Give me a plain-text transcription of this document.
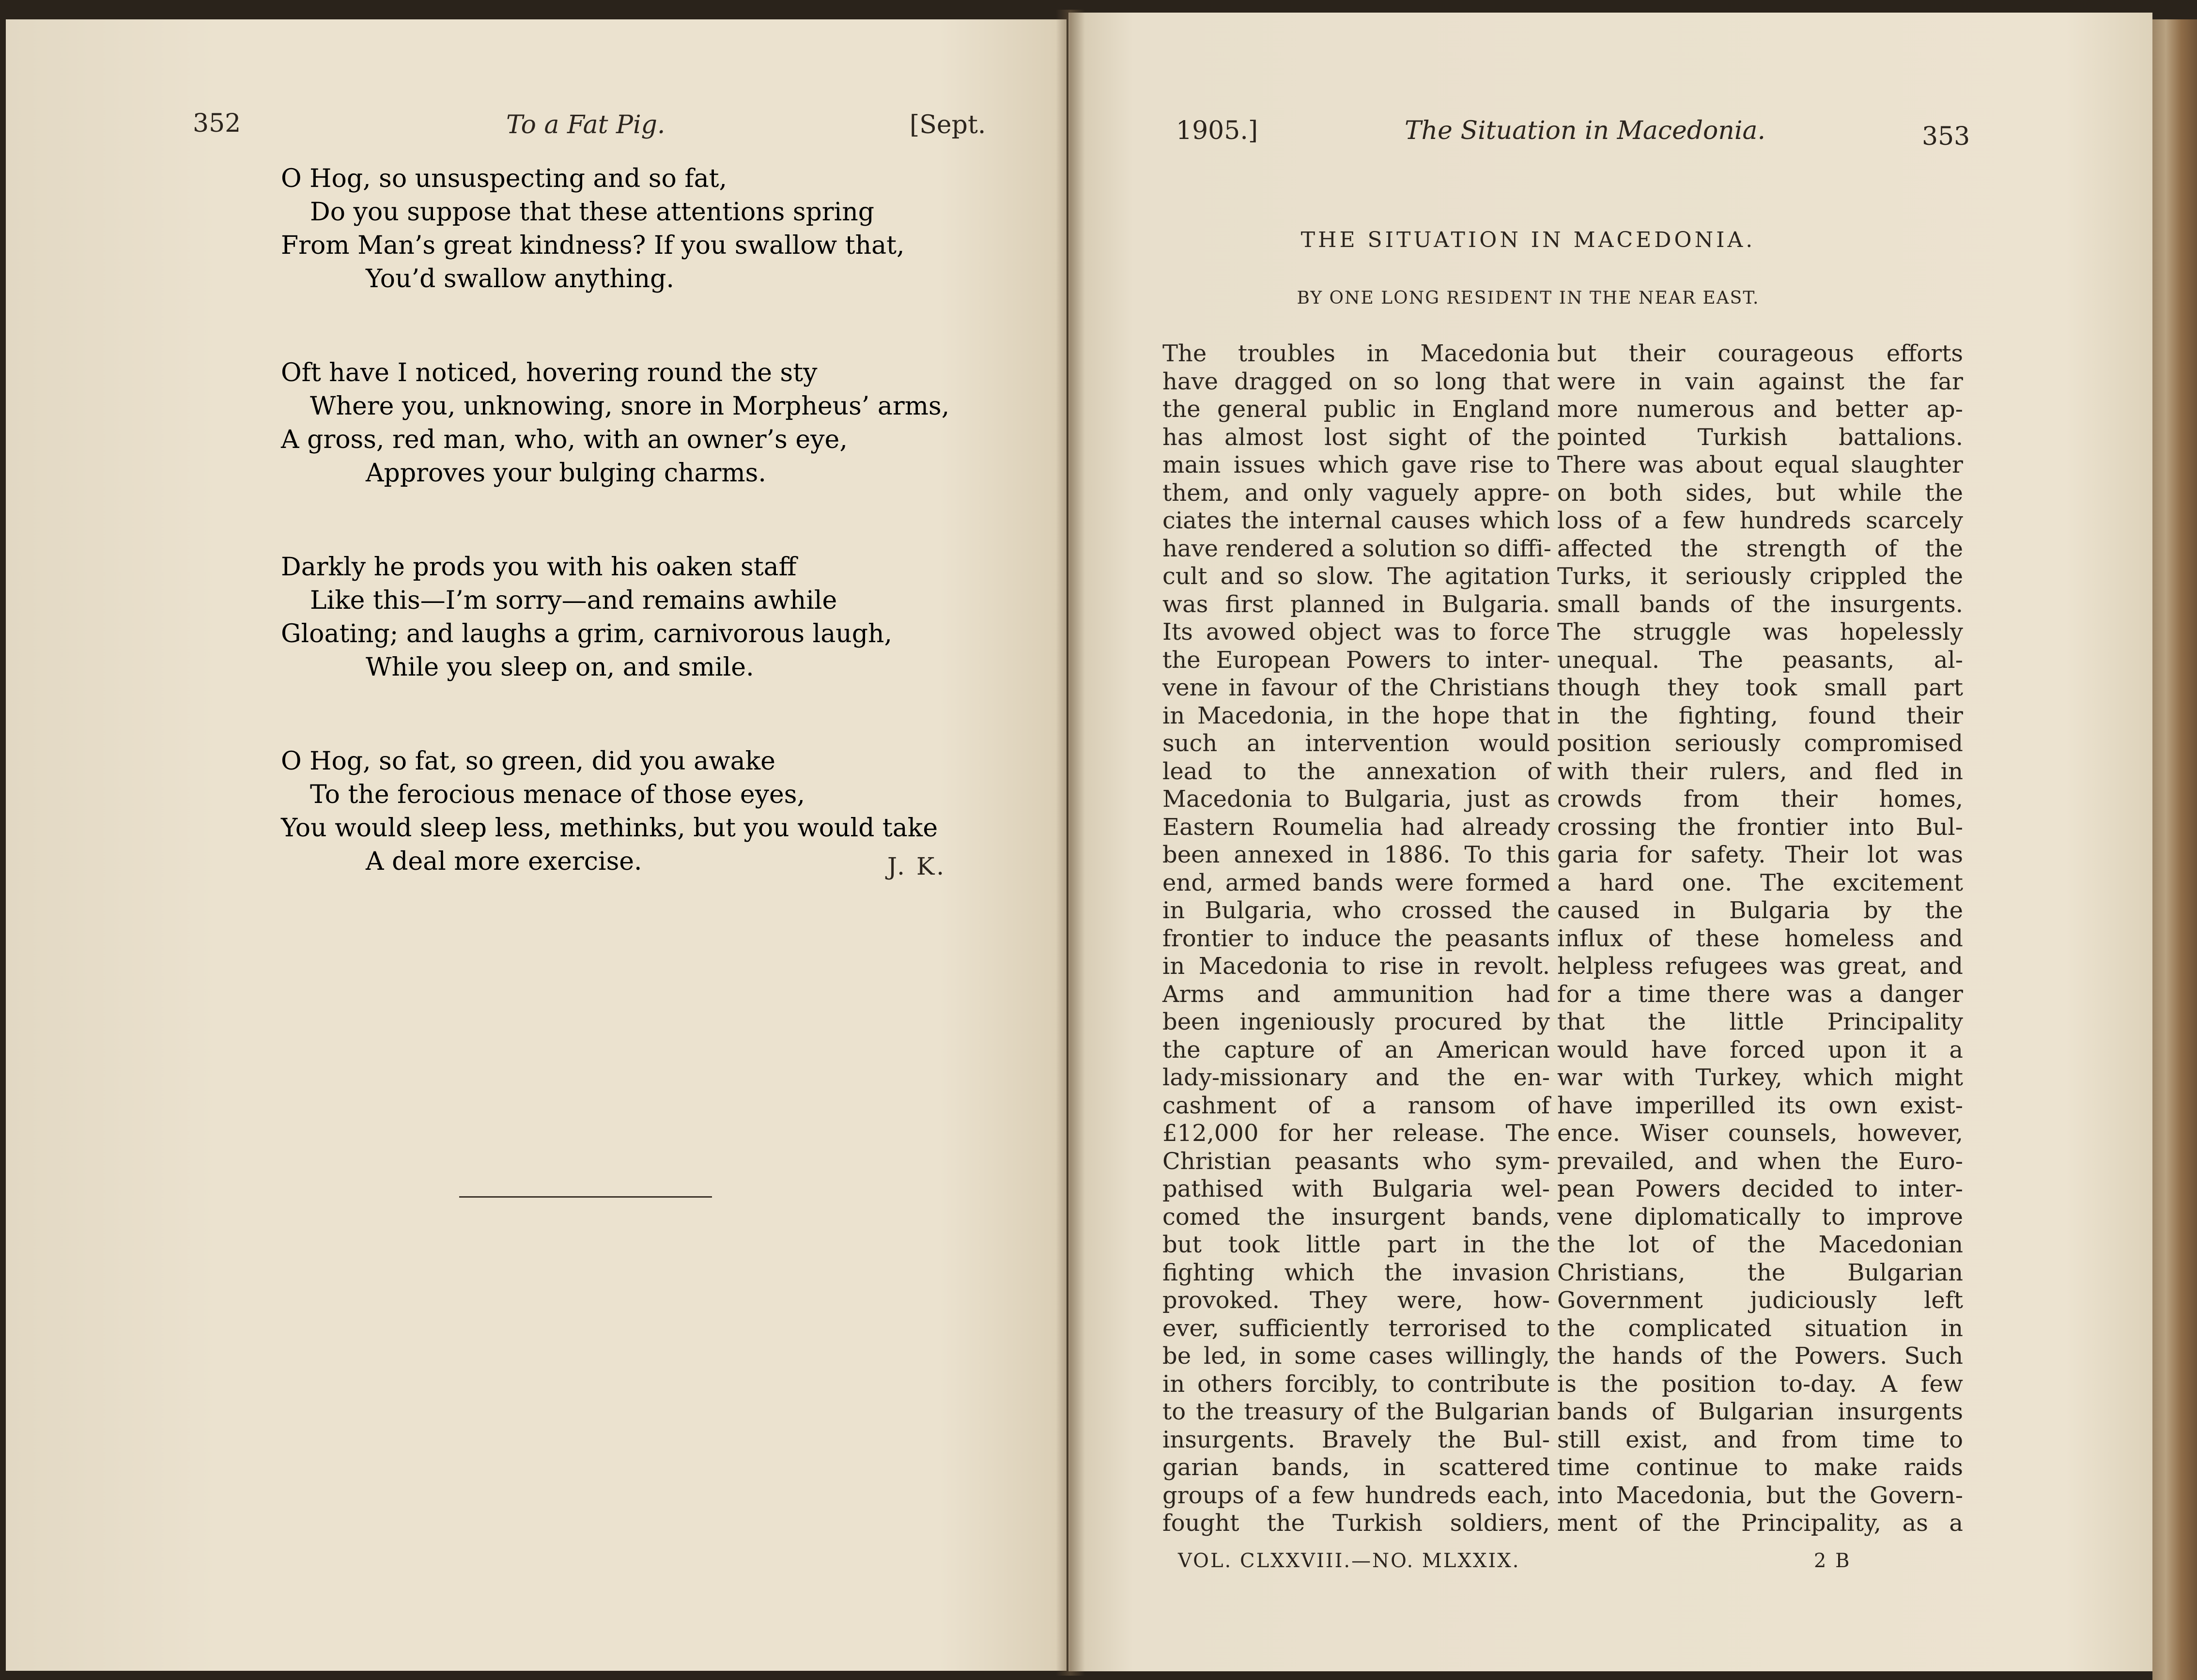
352	To a Fat Pig.	[Sept.
O Hog, so unsuspecting and so fat,
Do you suppose that these attentions spring
From Man’s great kindness? If you swallow that,
You’d swallow anything.
Oft have I noticed, hovering round the sty
Where you, unknowing, snore in Morpheus’ arms,
A gross, red man, who, with an owner’s eye,
Approves your bulging charms.
Darkly he prods you with his oaken staff
Like this—I’m sorry—and remains awhile
Gloating; and laughs a grim, carnivorous laugh,
While you sleep on, and smile.
O Hog, so fat, so green, did you awake
To the ferocious menace of those eyes,
You would sleep less, methinks, but you would take
A deal more exercise.	J. K.
1905.]	The Situation in Macedonia.	353
THE SITUATION IN MACEDONIA.
BY ONE LONG RESIDENT IN THE NEAR EAST.
The troubles in Macedonia
have dragged on so long that
the general public in England
has almost lost sight of the
main issues which gave rise to
them, and only vaguely appre-
ciates the internal causes which
have rendered a solution so diffi-
cult and so slow. The agitation
was first planned in Bulgaria.
Its avowed object was to force
the European Powers to inter-
vene in favour of the Christians
in Macedonia, in the hope that
such an intervention would
lead to the annexation of
Macedonia to Bulgaria, just as
Eastern Roumelia had already
been annexed in 1886. To this
end, armed bands were formed
in Bulgaria, who crossed the
frontier to induce the peasants
in Macedonia to rise in revolt.
Arms and ammunition had
been ingeniously procured by
the capture of an American
lady-missionary and the en-
cashment of a ransom of
£12,000 for her release. The
Christian peasants who sym-
pathised with Bulgaria wel-
comed the insurgent bands,
but took little part in the
fighting which the invasion
provoked. They were, how-
ever, sufficiently terrorised to
be led, in some cases willingly,
in others forcibly, to contribute
to the treasury of the Bulgarian
insurgents. Bravely the Bul-
garian bands, in scattered
groups of a few hundreds each,
fought the Turkish soldiers,
but their courageous efforts
were in vain against the far
more numerous and better ap-
pointed Turkish battalions.
There was about equal slaughter
on both sides, but while the
loss of a few hundreds scarcely
affected the strength of the
Turks, it seriously crippled the
small bands of the insurgents.
The struggle was hopelessly
unequal. The peasants, al-
though they took small part
in the fighting, found their
position seriously compromised
with their rulers, and fled in
crowds from their homes,
crossing the frontier into Bul-
garia for safety. Their lot was
a hard one. The excitement
caused in Bulgaria by the
influx of these homeless and
helpless refugees was great, and
for a time there was a danger
that the little Principality
would have forced upon it a
war with Turkey, which might
have imperilled its own exist-
ence. Wiser counsels, however,
prevailed, and when the Euro-
pean Powers decided to inter-
vene diplomatically to improve
the lot of the Macedonian
Christians, the Bulgarian
Government judiciously left
the complicated situation in
the hands of the Powers. Such
is the position to-day. A few
bands of Bulgarian insurgents
still exist, and from time to
time continue to make raids
into Macedonia, but the Govern-
ment of the Principality, as a
VOL. CLXXVIII.—NO. MLXXIX.	2 B
